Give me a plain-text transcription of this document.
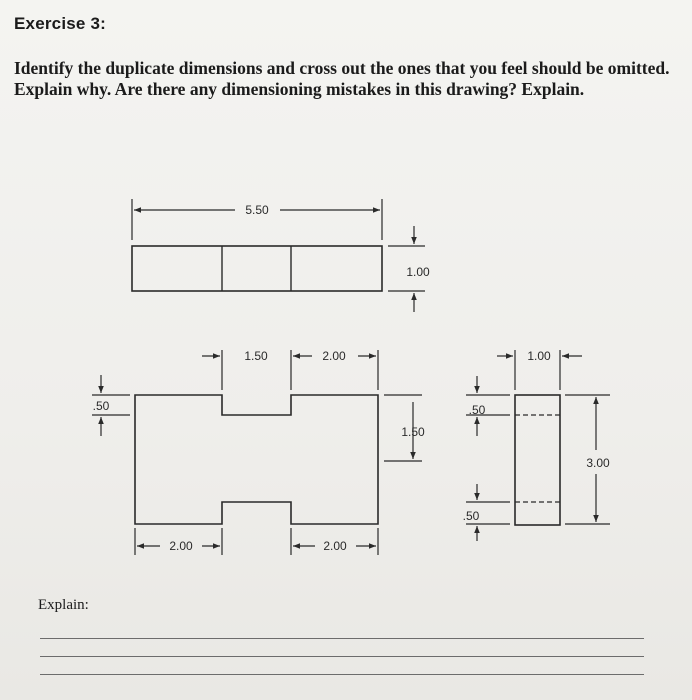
Exercise 3:
Identify the duplicate dimensions and cross out the ones that you feel should be omitted.
Explain why. Are there any dimensioning mistakes in this drawing? Explain.
5.50
1.00
.50
1.50	2.00
1.50
2.00	2.00
1.00
.50
.50
3.00
Explain:
